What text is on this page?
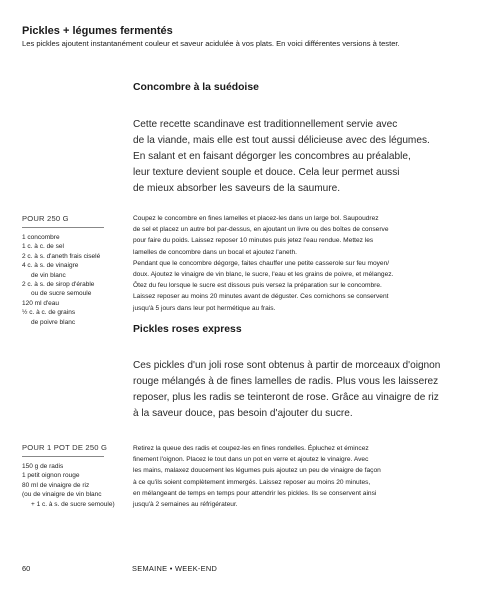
Pickles + légumes fermentés

Les pickles ajoutent instantanément couleur et saveur acidulée à vos plats. En voici différentes versions à tester.

Concombre à la suédoise
Cette recette scandinave est traditionnellement servie avec
de la viande, mais elle est tout aussi délicieuse avec des légumes.
En salant et en faisant dégorger les concombres au préalable,
leur texture devient souple et douce. Cela leur permet aussi
de mieux absorber les saveurs de la saumure.
POUR 250 G
1 concombre
1 c. à c. de sel
2 c. à s. d'aneth frais ciselé
4 c. à s. de vinaigre
de vin blanc
2 c. à s. de sirop d'érable
ou de sucre semoule
120 ml d'eau
½ c. à c. de grains
de poivre blanc
Coupez le concombre en fines lamelles et placez-les dans un large bol. Saupoudrez
de sel et placez un autre bol par-dessus, en ajoutant un livre ou des boîtes de conserve
pour faire du poids. Laissez reposer 10 minutes puis jetez l'eau rendue. Mettez les
lamelles de concombre dans un bocal et ajoutez l'aneth.
Pendant que le concombre dégorge, faites chauffer une petite casserole sur feu moyen/
doux. Ajoutez le vinaigre de vin blanc, le sucre, l'eau et les grains de poivre, et mélangez.
Ôtez du feu lorsque le sucre est dissous puis versez la préparation sur le concombre.
Laissez reposer au moins 20 minutes avant de déguster. Ces cornichons se conservent
jusqu'à 5 jours dans leur pot hermétique au frais.
Pickles roses express
Ces pickles d'un joli rose sont obtenus à partir de morceaux d'oignon
rouge mélangés à de fines lamelles de radis. Plus vous les laisserez
reposer, plus les radis se teinteront de rose. Grâce au vinaigre de riz
à la saveur douce, pas besoin d'ajouter du sucre.
POUR 1 POT DE 250 G
150 g de radis
1 petit oignon rouge
80 ml de vinaigre de riz
(ou de vinaigre de vin blanc
+ 1 c. à s. de sucre semoule)
Retirez la queue des radis et coupez-les en fines rondelles. Épluchez et émincez
finement l'oignon. Placez le tout dans un pot en verre et ajoutez le vinaigre. Avec
les mains, malaxez doucement les légumes puis ajoutez un peu de vinaigre de façon
à ce qu'ils soient complètement immergés. Laissez reposer au moins 20 minutes,
en mélangeant de temps en temps pour attendrir les pickles. Ils se conservent ainsi
jusqu'à 2 semaines au réfrigérateur.
60	SEMAINE • WEEK-END
